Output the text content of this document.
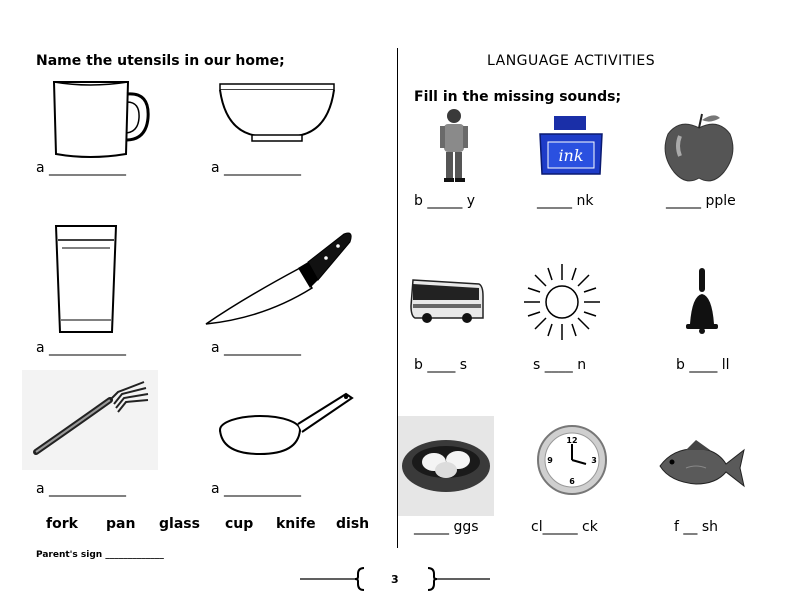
Name the utensils in our home;
a ___________	a ___________
a ___________	a ___________
a ___________	a ___________
fork pan glass cup knife dish
Parent's sign _____________
LANGUAGE ACTIVITIES
Fill in the missing sounds;
b _____ y
ink
_____ nk	_____ pple
b ____ s	s ____ n	b ____ ll
_____ ggs
12
3
6
9
cl_____ ck	f __ sh
3
